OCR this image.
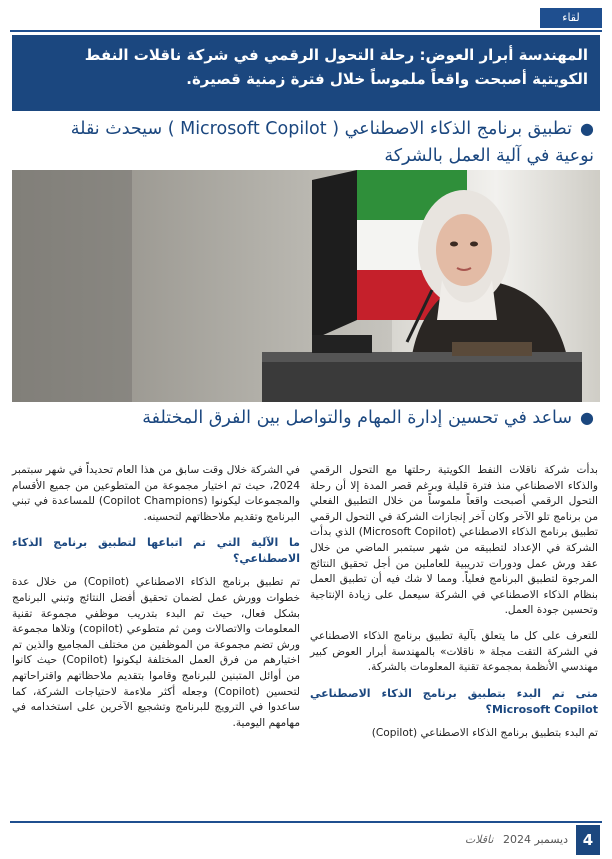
لقاء
المهندسة أبرار العوض: رحلة التحول الرقمي في شركة ناقلات النفط الكويتية أصبحت واقعاً ملموساً خلال فترة زمنية قصيرة.
●تطبيق برنامج الذكاء الاصطناعي ( Microsoft Copilot ) سيحدث نقلة نوعية في آلية العمل بالشركة
●ساعد في تحسين إدارة المهام والتواصل بين الفرق المختلفة

بدأت شركة ناقلات النفط الكويتية رحلتها مع التحول الرقمي والذكاء الاصطناعي منذ فترة قليلة وبرغم قصر المدة إلا أن رحلة التحول الرقمي أصبحت واقعاً ملموساً من خلال التطبيق الفعلي من برنامج تلو الآخر وكان آخر إنجازات الشركة في التحول الرقمي تطبيق برنامج الذكاء الاصطناعي (Microsoft Copilot) الذي بدأت الشركة في الإعداد لتطبيقه من شهر سبتمبر الماضي من خلال عقد ورش عمل ودورات تدريبية للعاملين من أجل تحقيق النتائج المرجوة لتطبيق البرنامج فعلياً. ومما لا شك فيه أن تطبيق العمل بنظام الذكاء الاصطناعي في الشركة سيعمل على زيادة الإنتاجية وتحسين جودة العمل.

للتعرف على كل ما يتعلق بآلية تطبيق برنامج الذكاء الاصطناعي في الشركة التقت مجلة « ناقلات» بالمهندسة أبرار العوض كبير مهندسي الأنظمة بمجموعة تقنية المعلومات بالشركة.

متى تم البدء بتطبيق برنامج الذكاء الاصطناعي Microsoft Copilot؟

تم البدء بتطبيق برنامج الذكاء الاصطناعي (Copilot)

في الشركة خلال وقت سابق من هذا العام تحديداً في شهر سبتمبر 2024، حيث تم اختيار مجموعة من المتطوعين من جميع الأقسام والمجموعات ليكونوا (Copilot Champions) للمساعدة في تبني البرنامج وتقديم ملاحظاتهم لتحسينه.

ما الآلية التي تم اتباعها لتطبيق برنامج الذكاء الاصطناعي؟

تم تطبيق برنامج الذكاء الاصطناعي (Copilot) من خلال عدة خطوات وورش عمل لضمان تحقيق أفضل النتائج وتبني البرنامج بشكل فعال، حيث تم البدء بتدريب موظفي مجموعة تقنية المعلومات والاتصالات ومن ثم متطوعي (copilot) وتلاها مجموعة ورش تضم مجموعة من الموظفين من مختلف المجاميع والذين تم اختيارهم من فرق العمل المختلفة ليكونوا (Copilot) حيث كانوا من أوائل المتبنين للبرنامج وقاموا بتقديم ملاحظاتهم واقتراحاتهم لتحسين (Copilot) وجعله أكثر ملاءمة لاحتياجات الشركة، كما ساعدوا في الترويج للبرنامج وتشجيع الآخرين على استخدامه في مهامهم اليومية.

4
ديسمبر 2024 ناقلات
